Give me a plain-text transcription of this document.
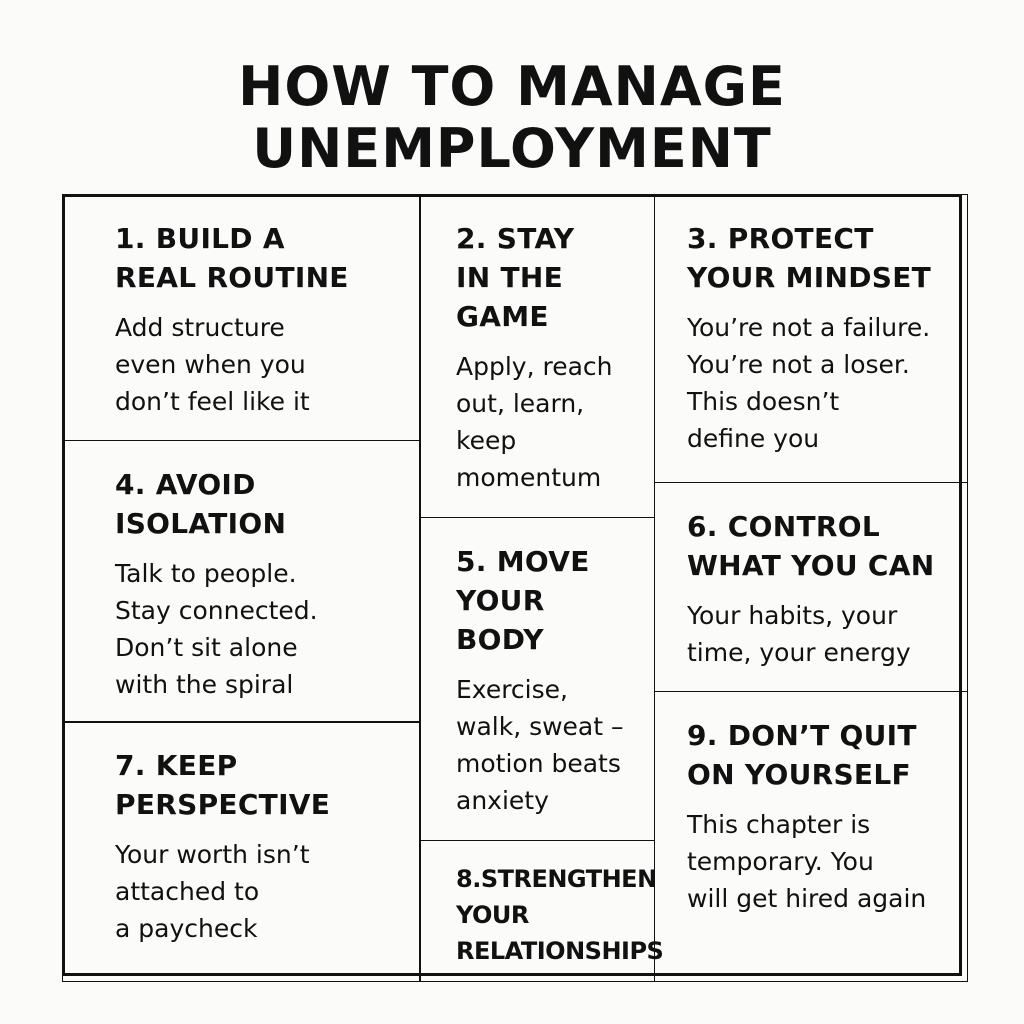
HOW TO MANAGE
UNEMPLOYMENT
1. BUILD A
REAL ROUTINE

Add structure
even when you
don’t feel like it

4. AVOID
ISOLATION

Talk to people.
Stay connected.
Don’t sit alone
with the spiral

7. KEEP
PERSPECTIVE

Your worth isn’t
attached to
a paycheck

2. STAY
IN THE
GAME

Apply, reach
out, learn,
keep
momentum

5. MOVE
YOUR
BODY

Exercise,
walk, sweat –
motion beats
anxiety

8.STRENGTHEN
YOUR
RELATIONSHIPS
3. PROTECT
YOUR MINDSET

You’re not a failure.
You’re not a loser.
This doesn’t
define you

6. CONTROL
WHAT YOU CAN

Your habits, your
time, your energy

9. DON’T QUIT
ON YOURSELF

This chapter is
temporary. You
will get hired again
